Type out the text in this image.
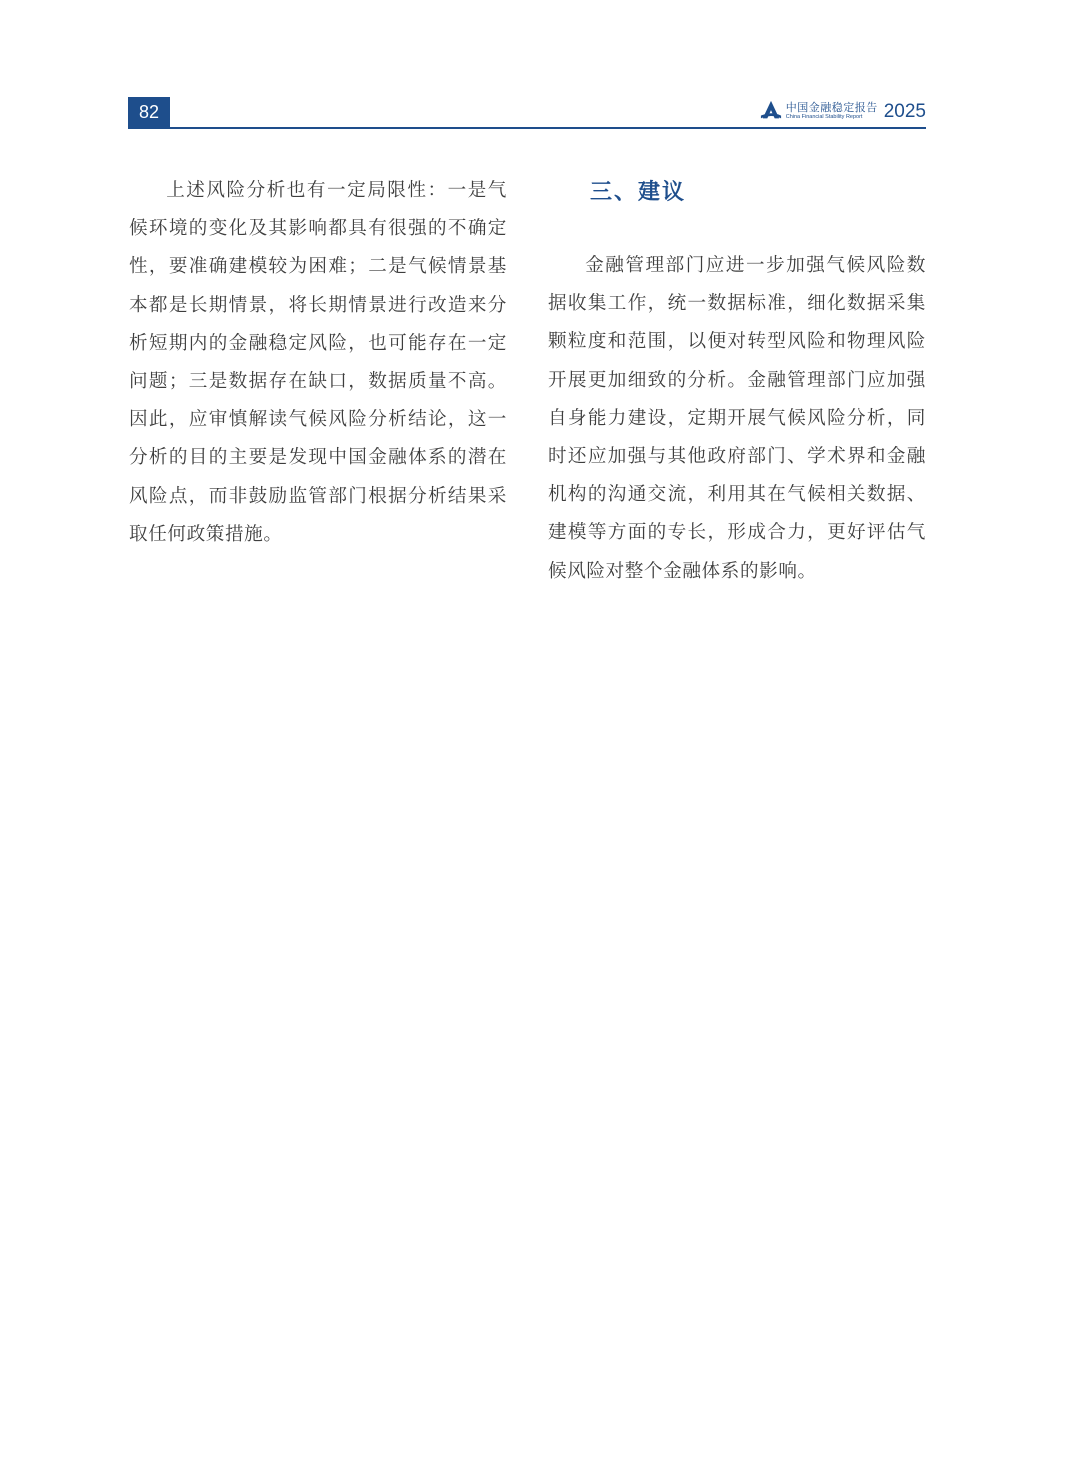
82	中国金融稳定报告
China Financial Stability Report	2025

上述风险分析也有一定局限性：一是气候环境的变化及其影响都具有很强的不确定性，要准确建模较为困难；二是气候情景基本都是长期情景，将长期情景进行改造来分析短期内的金融稳定风险，也可能存在一定问题；三是数据存在缺口，数据质量不高。因此，应审慎解读气候风险分析结论，这一分析的目的主要是发现中国金融体系的潜在风险点，而非鼓励监管部门根据分析结果采取任何政策措施。

三、建议

金融管理部门应进一步加强气候风险数据收集工作，统一数据标准，细化数据采集颗粒度和范围，以便对转型风险和物理风险开展更加细致的分析。金融管理部门应加强自身能力建设，定期开展气候风险分析，同时还应加强与其他政府部门、学术界和金融机构的沟通交流，利用其在气候相关数据、建模等方面的专长，形成合力，更好评估气候风险对整个金融体系的影响。
